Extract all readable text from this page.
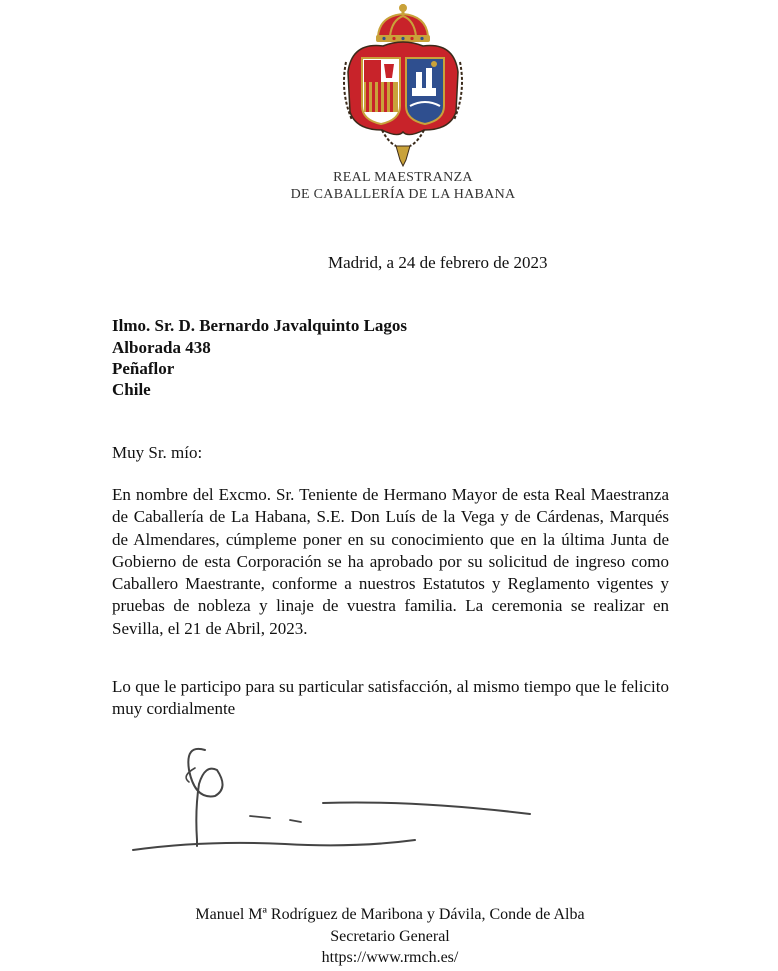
REAL MAESTRANZA
DE CABALLERÍA DE LA HABANA
Madrid, a 24 de febrero de 2023
Ilmo. Sr. D. Bernardo Javalquinto Lagos
Alborada 438
Peñaflor
Chile
Muy Sr. mío:
En nombre del Excmo. Sr. Teniente de Hermano Mayor de esta Real Maestranza de Caballería de La Habana, S.E. Don Luís de la Vega y de Cárdenas, Marqués de Almendares, cúmpleme poner en su conocimiento que en la última Junta de Gobierno de esta Corporación se ha aprobado por su solicitud de ingreso como Caballero Maestrante, conforme a nuestros Estatutos y Reglamento vigentes y pruebas de nobleza y linaje de vuestra familia. La ceremonia se realizar en Sevilla, el 21 de Abril, 2023.
Lo que le participo para su particular satisfacción, al mismo tiempo que le felicito muy cordialmente
Manuel Mª Rodríguez de Maribona y Dávila, Conde de Alba
Secretario General
https://www.rmch.es/
